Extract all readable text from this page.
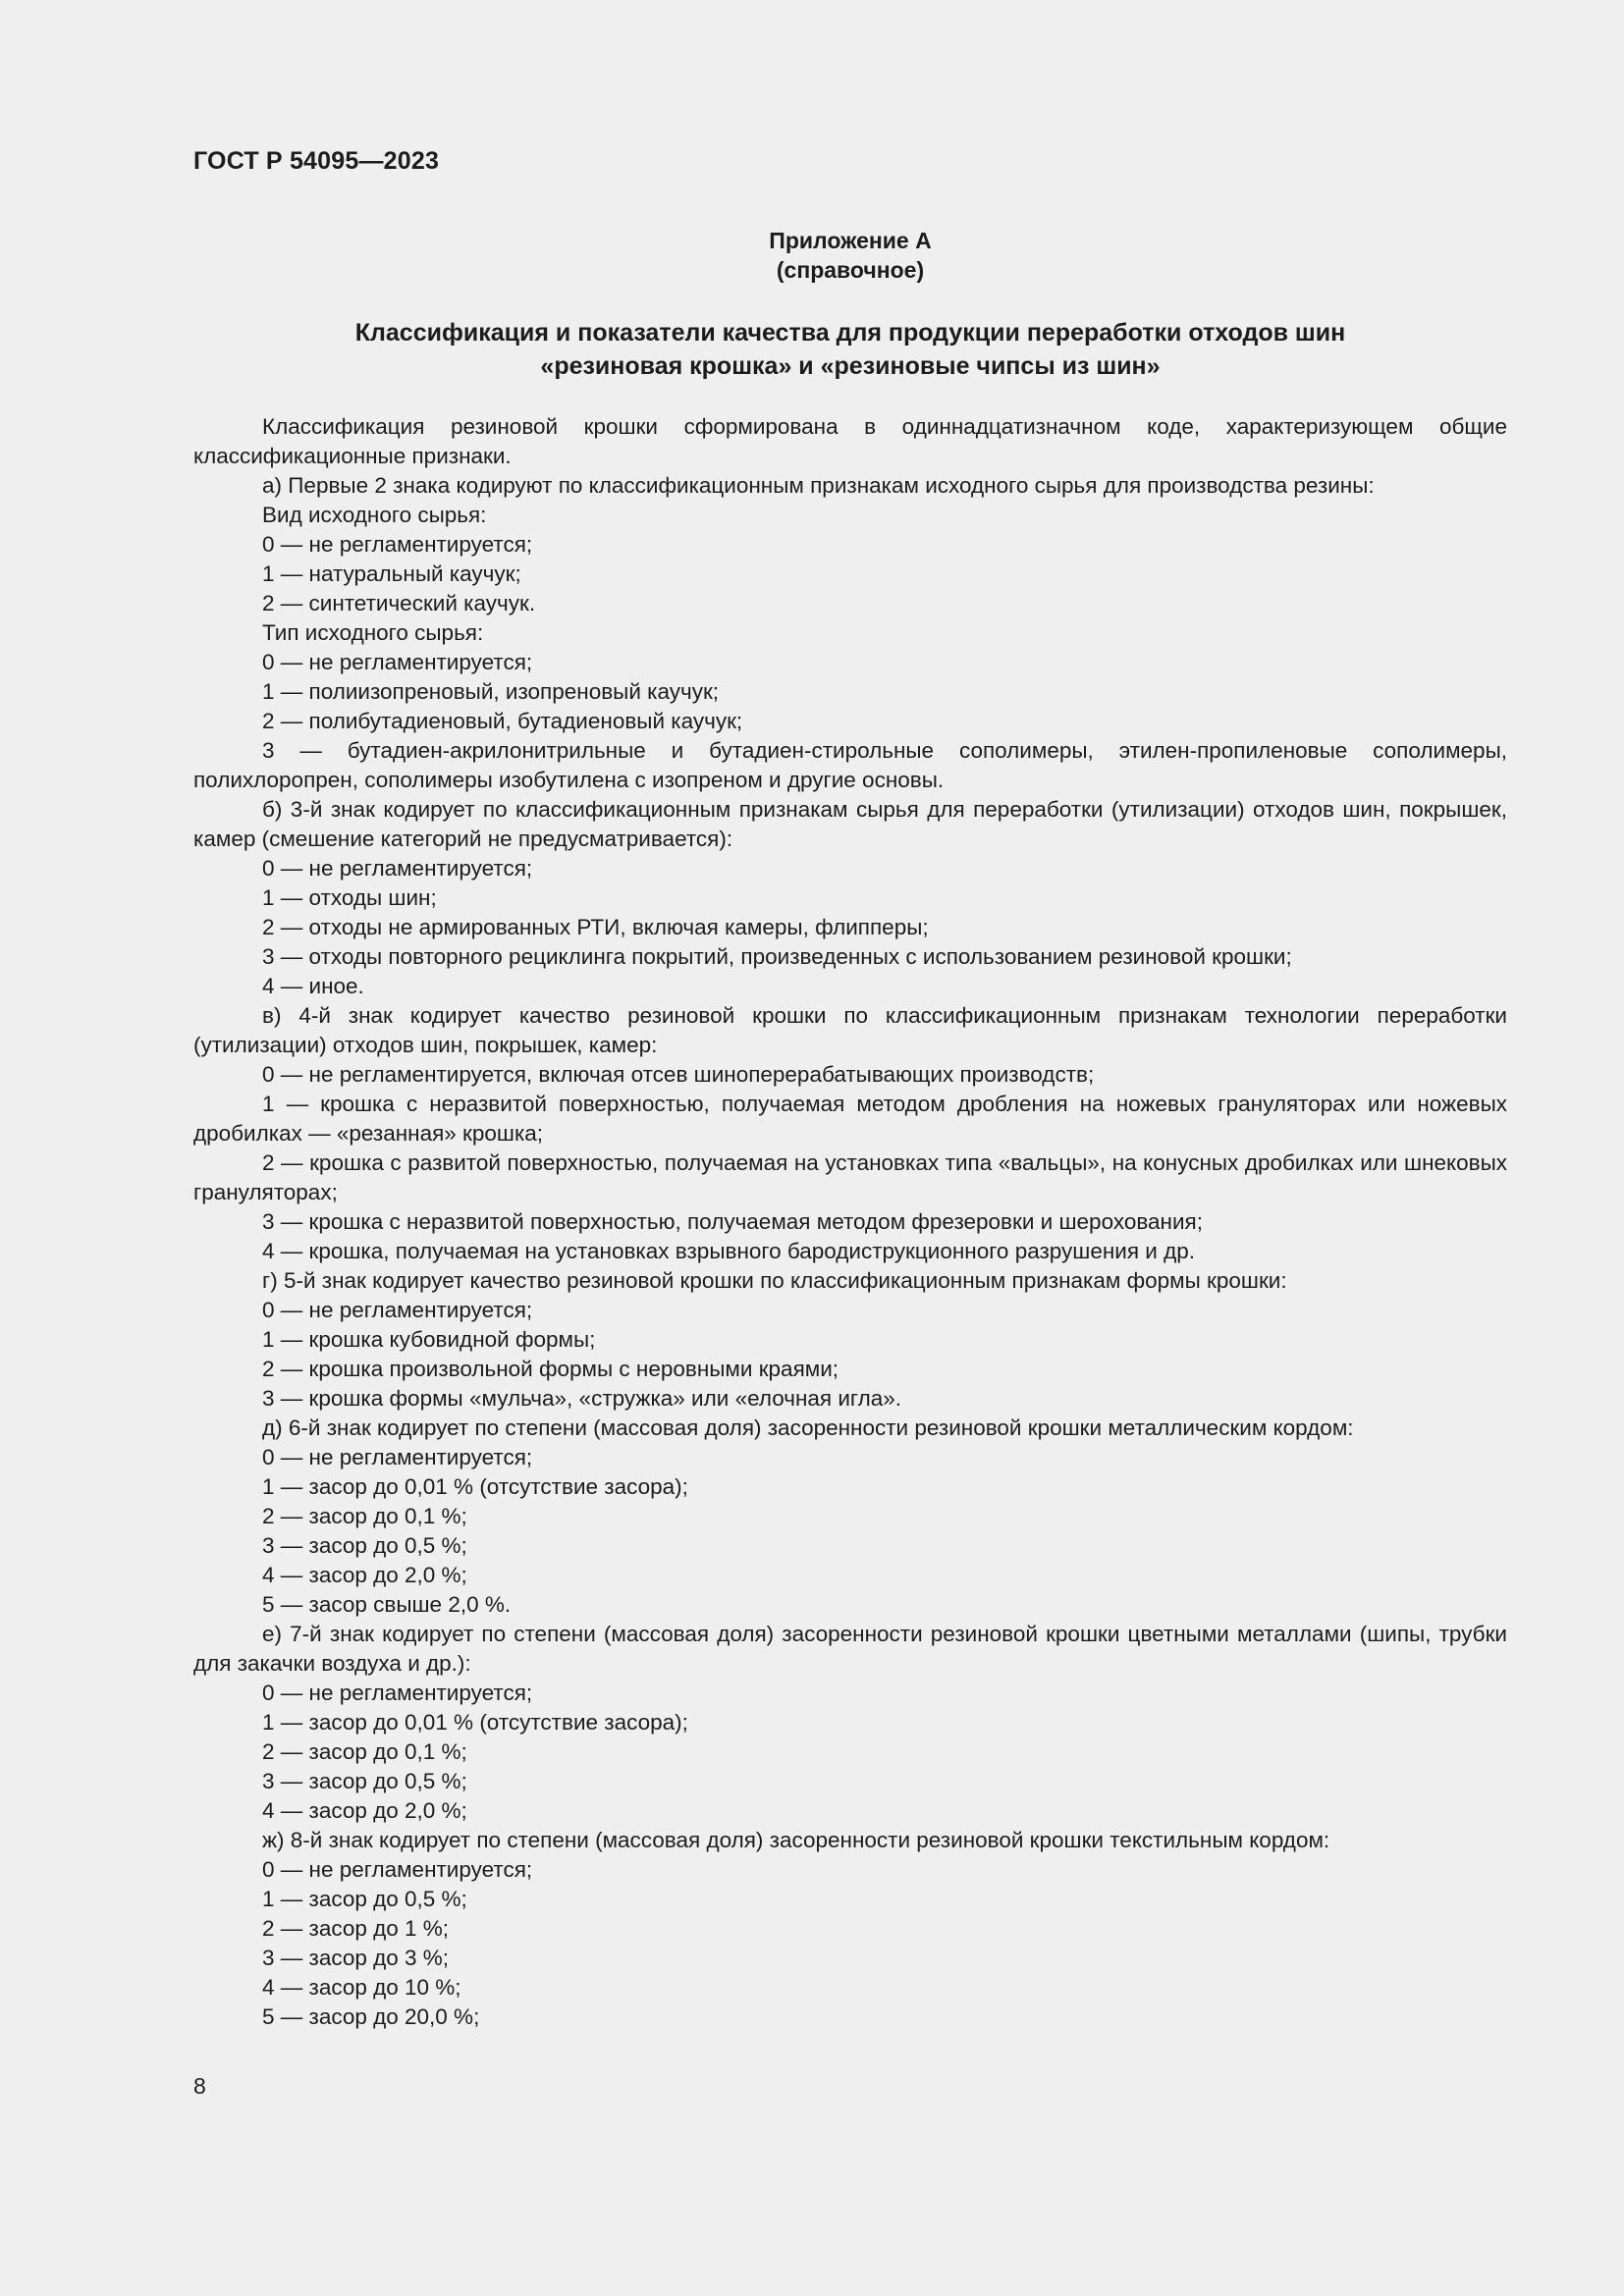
ГОСТ Р 54095—2023
Приложение А
(справочное)
Классификация и показатели качества для продукции переработки отходов шин
«резиновая крошка» и «резиновые чипсы из шин»

Классификация резиновой крошки сформирована в одиннадцатизначном коде, характеризующем общие классификационные признаки.

а) Первые 2 знака кодируют по классификационным признакам исходного сырья для производства резины:

Вид исходного сырья:

0 — не регламентируется;

1 — натуральный каучук;

2 — синтетический каучук.

Тип исходного сырья:

0 — не регламентируется;

1 — полиизопреновый, изопреновый каучук;

2 — полибутадиеновый, бутадиеновый каучук;

3 — бутадиен-акрилонитрильные и бутадиен-стирольные сополимеры, этилен-пропиленовые сополимеры, полихлоропрен, сополимеры изобутилена с изопреном и другие основы.

б) 3-й знак кодирует по классификационным признакам сырья для переработки (утилизации) отходов шин, покрышек, камер (смешение категорий не предусматривается):

0 — не регламентируется;

1 — отходы шин;

2 — отходы не армированных РТИ, включая камеры, флипперы;

3 — отходы повторного рециклинга покрытий, произведенных с использованием резиновой крошки;

4 — иное.

в) 4-й знак кодирует качество резиновой крошки по классификационным признакам технологии переработки (утилизации) отходов шин, покрышек, камер:

0 — не регламентируется, включая отсев шиноперерабатывающих производств;

1 — крошка с неразвитой поверхностью, получаемая методом дробления на ножевых грануляторах или ножевых дробилках — «резанная» крошка;

2 — крошка с развитой поверхностью, получаемая на установках типа «вальцы», на конусных дробилках или шнековых грануляторах;

3 — крошка с неразвитой поверхностью, получаемая методом фрезеровки и шерохования;

4 — крошка, получаемая на установках взрывного бародиструкционного разрушения и др.

г) 5-й знак кодирует качество резиновой крошки по классификационным признакам формы крошки:

0 — не регламентируется;

1 — крошка кубовидной формы;

2 — крошка произвольной формы с неровными краями;

3 — крошка формы «мульча», «стружка» или «елочная игла».

д) 6-й знак кодирует по степени (массовая доля) засоренности резиновой крошки металлическим кордом:

0 — не регламентируется;

1 — засор до 0,01 % (отсутствие засора);

2 — засор до 0,1 %;

3 — засор до 0,5 %;

4 — засор до 2,0 %;

5 — засор свыше 2,0 %.

е) 7-й знак кодирует по степени (массовая доля) засоренности резиновой крошки цветными металлами (шипы, трубки для закачки воздуха и др.):

0 — не регламентируется;

1 — засор до 0,01 % (отсутствие засора);

2 — засор до 0,1 %;

3 — засор до 0,5 %;

4 — засор до 2,0 %;

ж) 8-й знак кодирует по степени (массовая доля) засоренности резиновой крошки текстильным кордом:

0 — не регламентируется;

1 — засор до 0,5 %;

2 — засор до 1 %;

3 — засор до 3 %;

4 — засор до 10 %;

5 — засор до 20,0 %;

8
